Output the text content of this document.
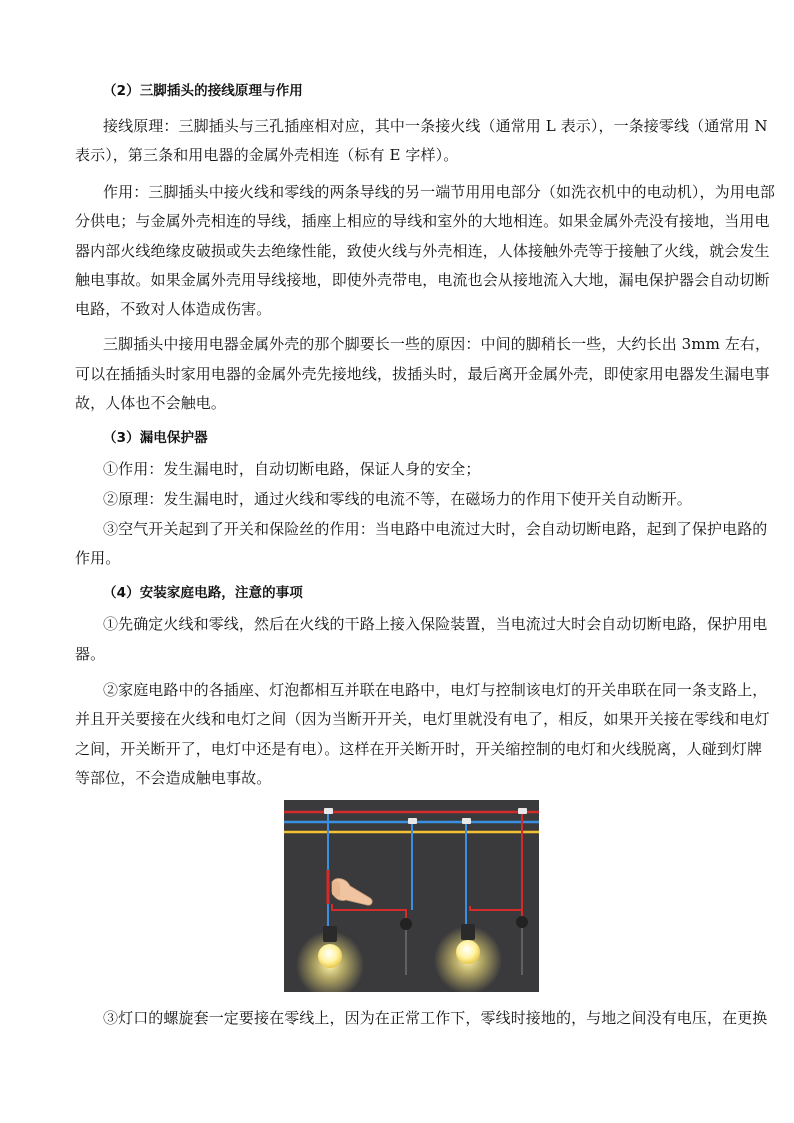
（2）三脚插头的接线原理与作用
接线原理：三脚插头与三孔插座相对应，其中一条接火线（通常用 L 表示），一条接零线（通常用 N
表示），第三条和用电器的金属外壳相连（标有 E 字样）。
作用：三脚插头中接火线和零线的两条导线的另一端节用用电部分（如洗衣机中的电动机），为用电部
分供电；与金属外壳相连的导线，插座上相应的导线和室外的大地相连。如果金属外壳没有接地，当用电
器内部火线绝缘皮破损或失去绝缘性能，致使火线与外壳相连，人体接触外壳等于接触了火线，就会发生
触电事故。如果金属外壳用导线接地，即使外壳带电，电流也会从接地流入大地，漏电保护器会自动切断
电路，不致对人体造成伤害。
三脚插头中接用电器金属外壳的那个脚要长一些的原因：中间的脚稍长一些，大约长出 3mm 左右，
可以在插插头时家用电器的金属外壳先接地线，拔插头时，最后离开金属外壳，即使家用电器发生漏电事
故，人体也不会触电。
（3）漏电保护器
①作用：发生漏电时，自动切断电路，保证人身的安全；
②原理：发生漏电时，通过火线和零线的电流不等，在磁场力的作用下使开关自动断开。
③空气开关起到了开关和保险丝的作用：当电路中电流过大时，会自动切断电路，起到了保护电路的
作用。
（4）安装家庭电路，注意的事项
①先确定火线和零线，然后在火线的干路上接入保险装置，当电流过大时会自动切断电路，保护用电
器。
②家庭电路中的各插座、灯泡都相互并联在电路中，电灯与控制该电灯的开关串联在同一条支路上，
并且开关要接在火线和电灯之间（因为当断开开关，电灯里就没有电了，相反，如果开关接在零线和电灯
之间，开关断开了，电灯中还是有电）。这样在开关断开时，开关缩控制的电灯和火线脱离，人碰到灯牌
等部位，不会造成触电事故。
③灯口的螺旋套一定要接在零线上，因为在正常工作下，零线时接地的，与地之间没有电压，在更换
